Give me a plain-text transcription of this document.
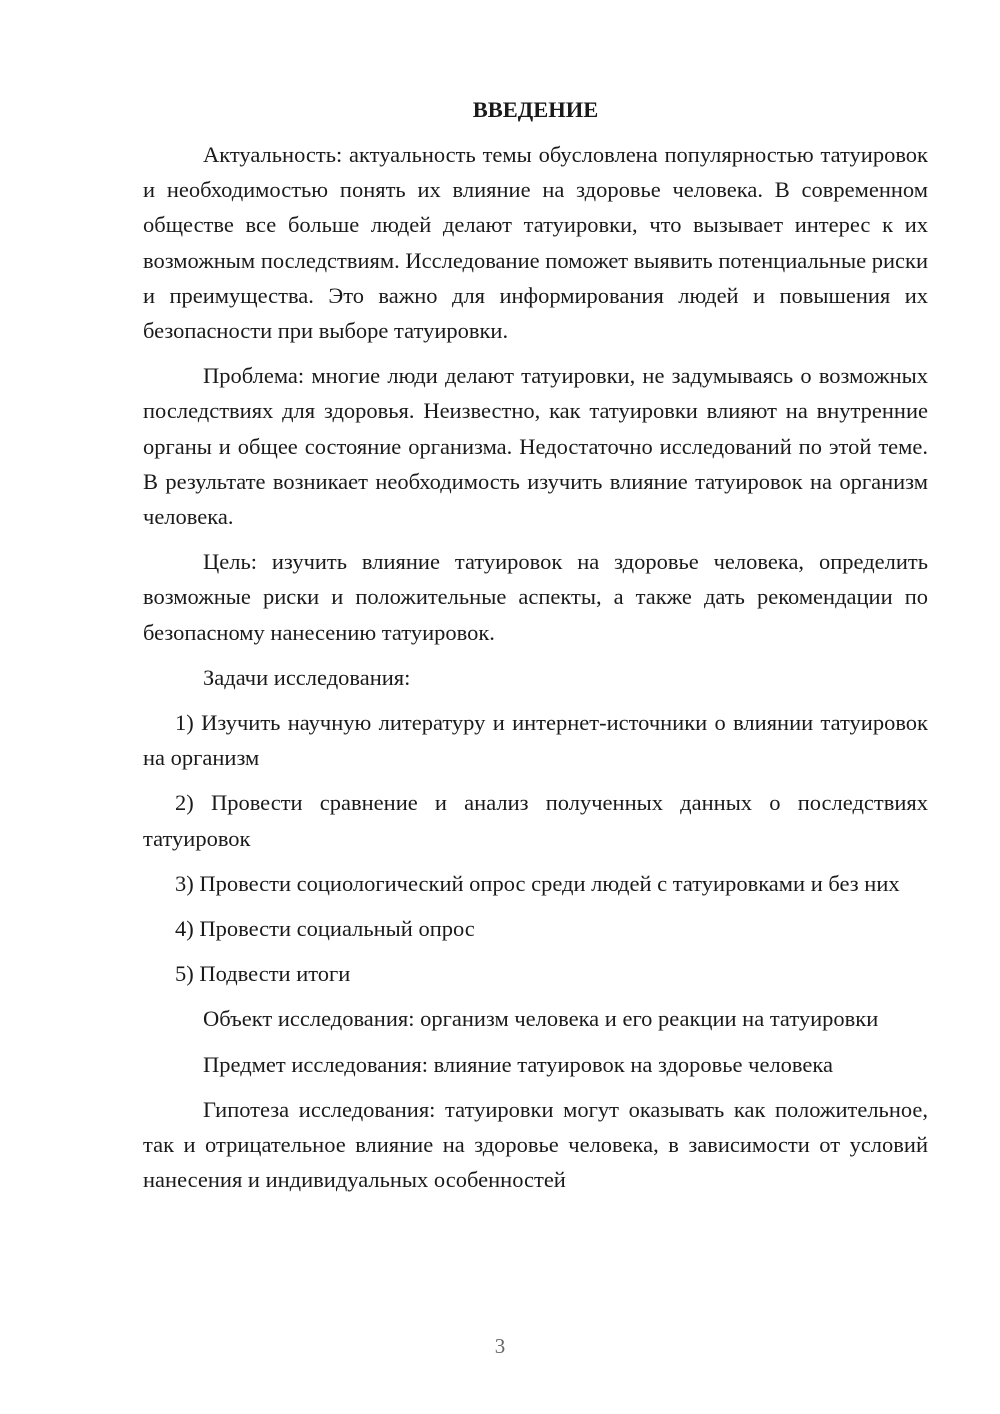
ВВЕДЕНИЕ

Актуальность: актуальность темы обусловлена популярностью татуировок и необходимостью понять их влияние на здоровье человека. В современном обществе все больше людей делают татуировки, что вызывает интерес к их возможным последствиям. Исследование поможет выявить потенциальные риски и преимущества. Это важно для информирования людей и повышения их безопасности при выборе татуировки.

Проблема: многие люди делают татуировки, не задумываясь о возможных последствиях для здоровья. Неизвестно, как татуировки влияют на внутренние органы и общее состояние организма. Недостаточно исследований по этой теме. В результате возникает необходимость изучить влияние татуировок на организм человека.

Цель: изучить влияние татуировок на здоровье человека, определить возможные риски и положительные аспекты, а также дать рекомендации по безопасному нанесению татуировок.

Задачи исследования:

1) Изучить научную литературу и интернет-источники о влиянии татуировок на организм

2) Провести сравнение и анализ полученных данных о последствиях татуировок

3) Провести социологический опрос среди людей с татуировками и без них

4) Провести социальный опрос

5) Подвести итоги

Объект исследования: организм человека и его реакции на татуировки

Предмет исследования: влияние татуировок на здоровье человека

Гипотеза исследования: татуировки могут оказывать как положительное, так и отрицательное влияние на здоровье человека, в зависимости от условий нанесения и индивидуальных особенностей

3
